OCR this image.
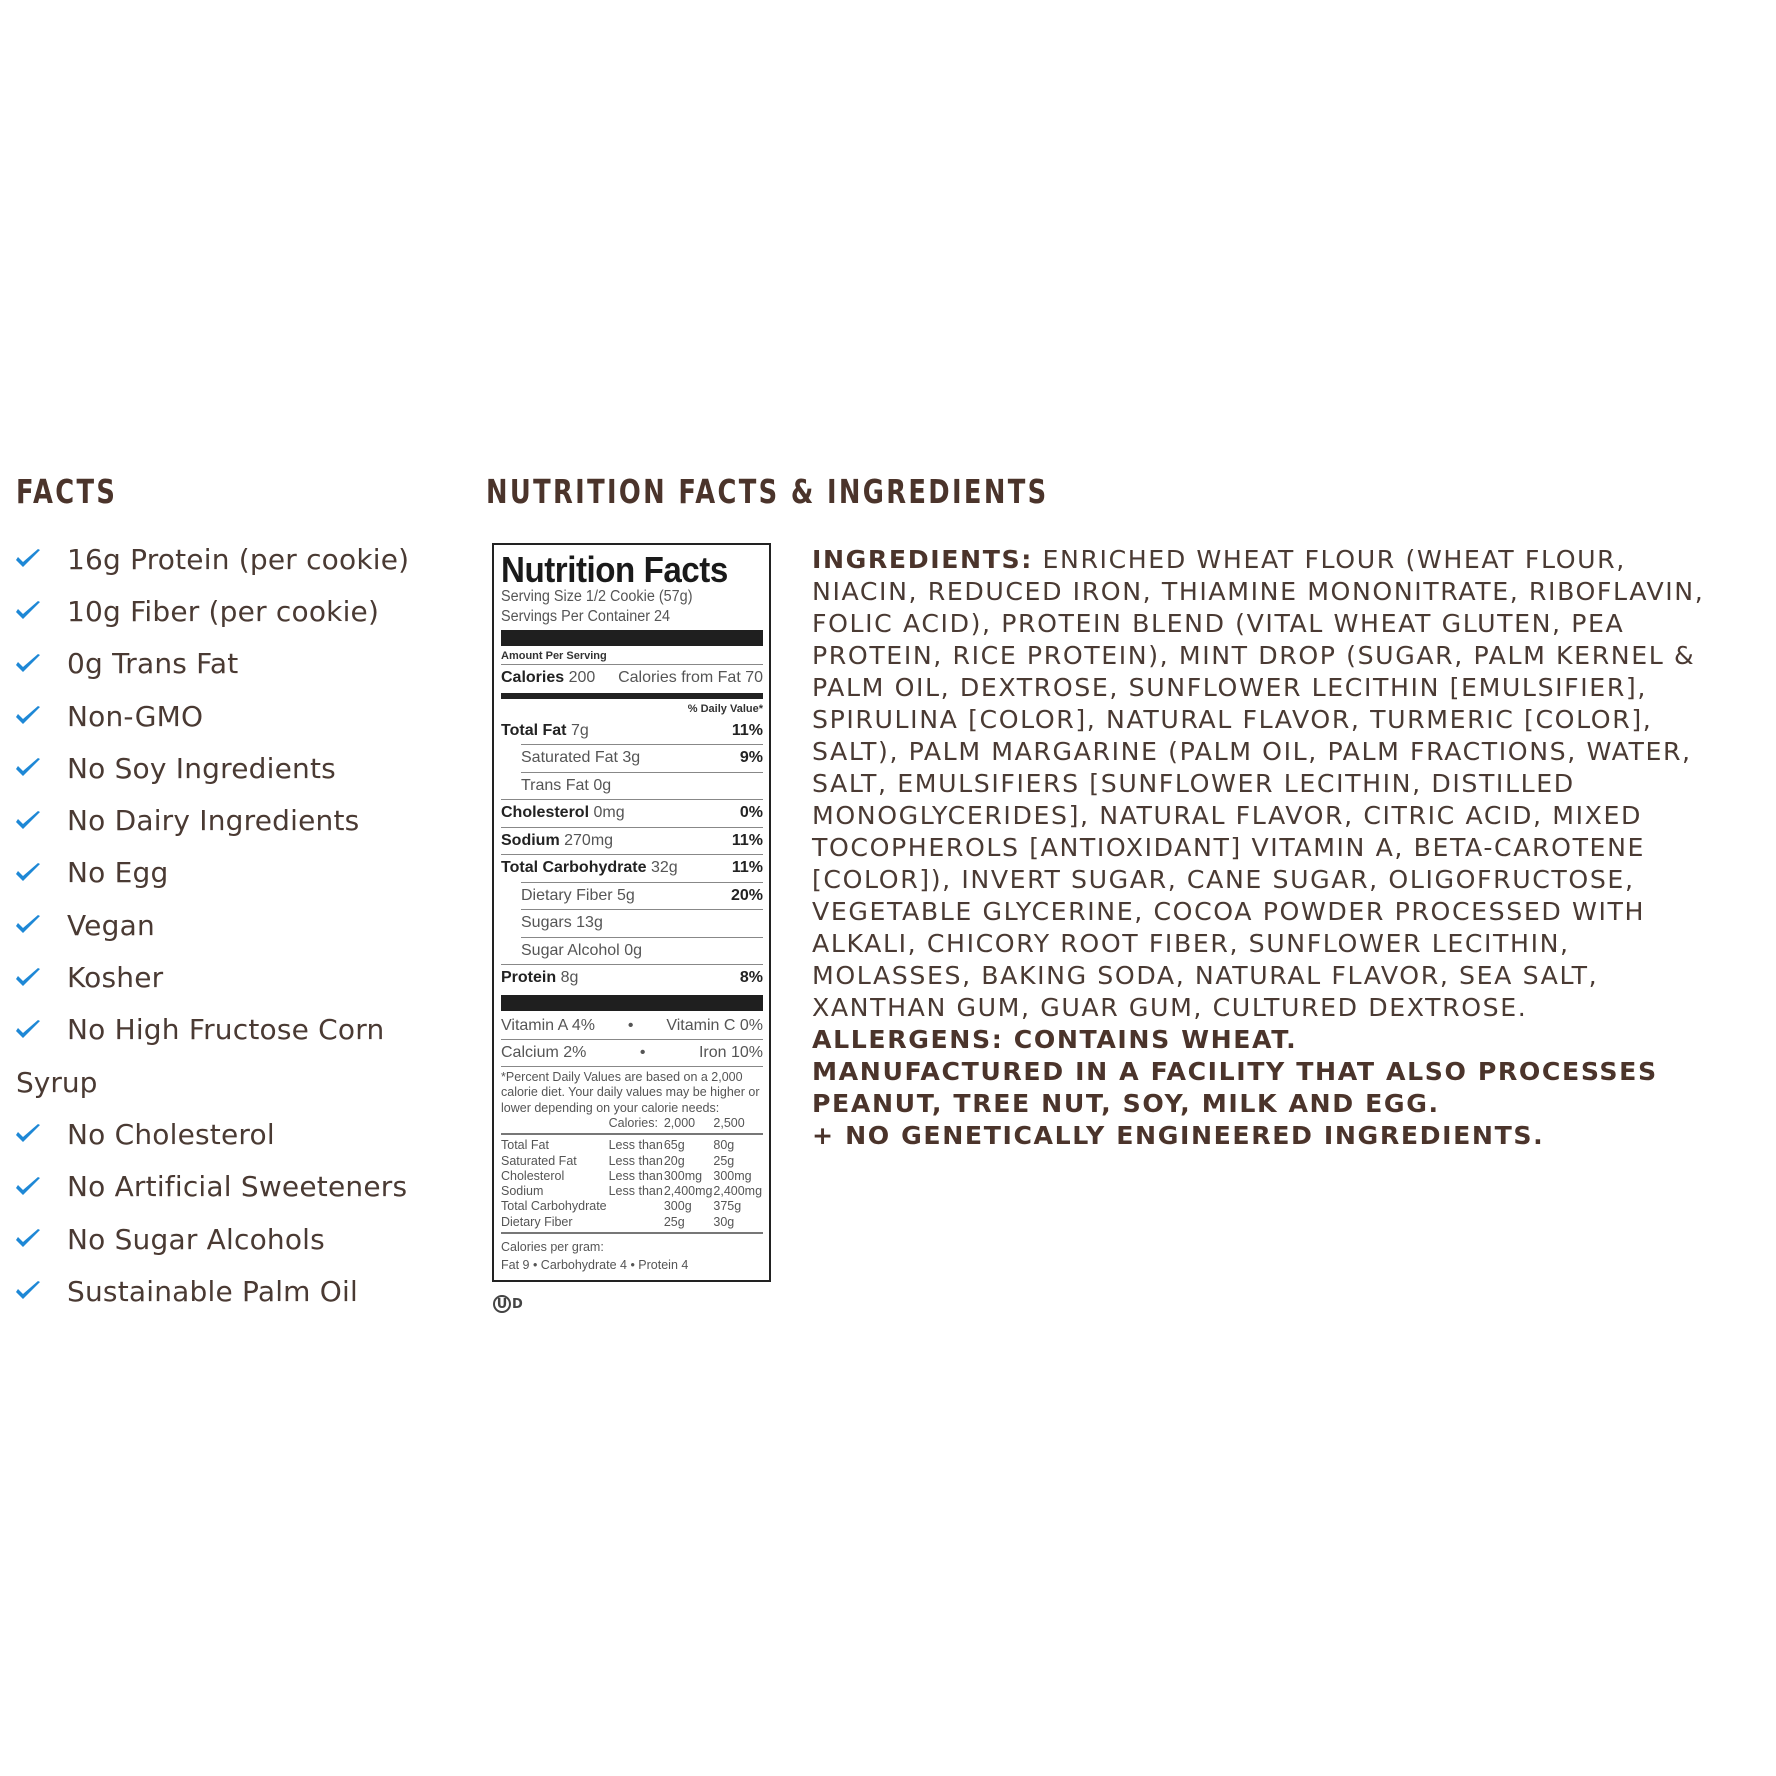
FACTS	NUTRITION FACTS & INGREDIENTS
16g Protein (per cookie)
10g Fiber (per cookie)
0g Trans Fat
Non-GMO
No Soy Ingredients
No Dairy Ingredients
No Egg
Vegan
Kosher
No High Fructose Corn
Syrup
No Cholesterol
No Artificial Sweeteners
No Sugar Alcohols
Sustainable Palm Oil
Nutrition Facts
Serving Size 1/2 Cookie (57g)
Servings Per Container 24
Amount Per Serving
Calories 200 Calories from Fat 70
% Daily Value*
Total Fat 7g	11%
Saturated Fat 3g	9%
Trans Fat 0g
Cholesterol 0mg	0%
Sodium 270mg	11%
Total Carbohydrate 32g	11%
Dietary Fiber 5g	20%
Sugars 13g
Sugar Alcohol 0g
Protein 8g	8%
Vitamin A 4% • Vitamin C 0%
Calcium 2%	•	Iron 10%
*Percent Daily Values are based on a 2,000 calorie diet. Your daily values may be higher or lower depending on your calorie needs:
	Calories:	2,000	2,500

Total Fat	Less than	65g	80g
Saturated Fat	Less than	20g	25g
Cholesterol	Less than	300mg	300mg
Sodium	Less than	2,400mg	2,400mg
Total Carbohydrate		300g	375g
Dietary Fiber		25g	30g
Calories per gram:
Fat 9 • Carbohydrate 4 • Protein 4
U D
INGREDIENTS: ENRICHED WHEAT FLOUR (WHEAT FLOUR,
NIACIN, REDUCED IRON, THIAMINE MONONITRATE, RIBOFLAVIN,
FOLIC ACID), PROTEIN BLEND (VITAL WHEAT GLUTEN, PEA
PROTEIN, RICE PROTEIN), MINT DROP (SUGAR, PALM KERNEL &
PALM OIL, DEXTROSE, SUNFLOWER LECITHIN [EMULSIFIER],
SPIRULINA [COLOR], NATURAL FLAVOR, TURMERIC [COLOR],
SALT), PALM MARGARINE (PALM OIL, PALM FRACTIONS, WATER,
SALT, EMULSIFIERS [SUNFLOWER LECITHIN, DISTILLED
MONOGLYCERIDES], NATURAL FLAVOR, CITRIC ACID, MIXED
TOCOPHEROLS [ANTIOXIDANT] VITAMIN A, BETA-CAROTENE
[COLOR]), INVERT SUGAR, CANE SUGAR, OLIGOFRUCTOSE,
VEGETABLE GLYCERINE, COCOA POWDER PROCESSED WITH
ALKALI, CHICORY ROOT FIBER, SUNFLOWER LECITHIN,
MOLASSES, BAKING SODA, NATURAL FLAVOR, SEA SALT,
XANTHAN GUM, GUAR GUM, CULTURED DEXTROSE.
ALLERGENS: CONTAINS WHEAT.
MANUFACTURED IN A FACILITY THAT ALSO PROCESSES
PEANUT, TREE NUT, SOY, MILK AND EGG.
+ NO GENETICALLY ENGINEERED INGREDIENTS.
